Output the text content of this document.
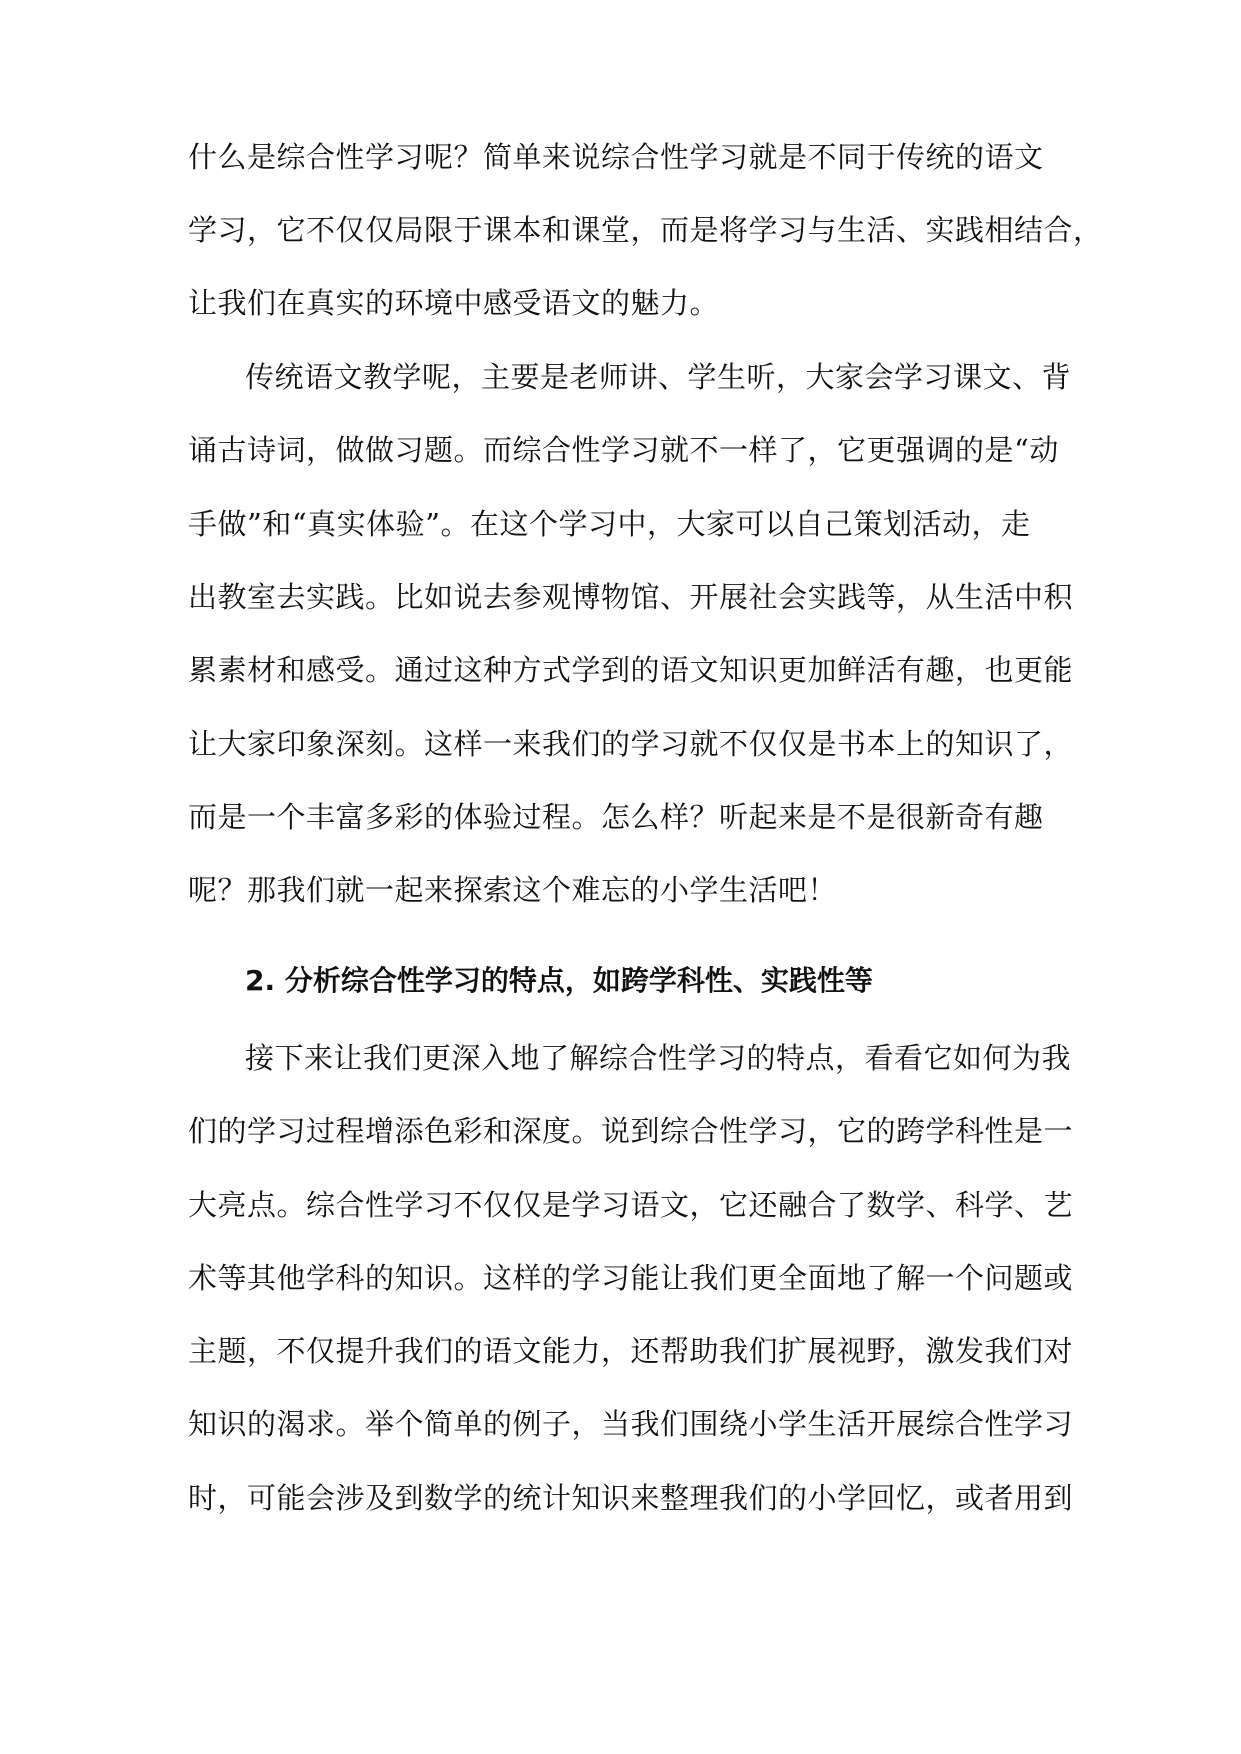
什么是综合性学习呢？简单来说综合性学习就是不同于传统的语文
学习，它不仅仅局限于课本和课堂，而是将学习与生活、实践相结合，
让我们在真实的环境中感受语文的魅力。
传统语文教学呢，主要是老师讲、学生听，大家会学习课文、背
诵古诗词，做做习题。而综合性学习就不一样了，它更强调的是“动
手做”和“真实体验”。在这个学习中，大家可以自己策划活动，走
出教室去实践。比如说去参观博物馆、开展社会实践等，从生活中积
累素材和感受。通过这种方式学到的语文知识更加鲜活有趣，也更能
让大家印象深刻。这样一来我们的学习就不仅仅是书本上的知识了，
而是一个丰富多彩的体验过程。怎么样？听起来是不是很新奇有趣
呢？那我们就一起来探索这个难忘的小学生活吧！
2. 分析综合性学习的特点，如跨学科性、实践性等
接下来让我们更深入地了解综合性学习的特点，看看它如何为我
们的学习过程增添色彩和深度。说到综合性学习，它的跨学科性是一
大亮点。综合性学习不仅仅是学习语文，它还融合了数学、科学、艺
术等其他学科的知识。这样的学习能让我们更全面地了解一个问题或
主题，不仅提升我们的语文能力，还帮助我们扩展视野，激发我们对
知识的渴求。举个简单的例子，当我们围绕小学生活开展综合性学习
时，可能会涉及到数学的统计知识来整理我们的小学回忆，或者用到
